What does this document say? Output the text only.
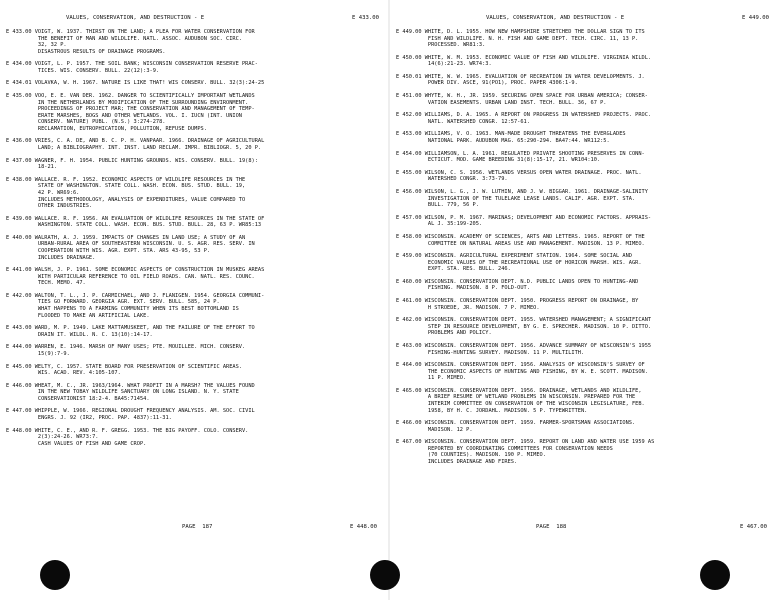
VALUES, CONSERVATION, AND DESTRUCTION - E

	E 433.00

E 433.00 VOIGT, W. 1937. THIRST ON THE LAND; A PLEA FOR WATER CONSERVATION FOR
THE BENEFIT OF MAN AND WILDLIFE. NATL. ASSOC. AUDUBON SOC. CIRC.
32, 32 P.
DISASTROUS RESULTS OF DRAINAGE PROGRAMS.
E 434.00 VOIGT, L. P. 1957. THE SOIL BANK; WISCONSIN CONSERVATION RESERVE PRAC-
TICES. WIS. CONSERV. BULL. 22(12):3-9.
E 434.01 VOLAVKA, W. H. 1967. NATURE IS LIKE THAT! WIS CONSERV. BULL. 32(3):24-25
E 435.00 VOO, E. E. VAN DER. 1962. DANGER TO SCIENTIFICALLY IMPORTANT WETLANDS
IN THE NETHERLANDS BY MODIFICATION OF THE SURROUNDING ENVIRONMENT.
PROCEEDINGS OF PROJECT MAR; THE CONSERVATION AND MANAGEMENT OF TEMP-
ERATE MARSHES, BOGS AND OTHER WETLANDS. VOL. I. IUCN (INT. UNION
CONSERV. NATURE) PUBL. (N.S.) 3:274-278.
RECLAMATION, EUTROPHICATION, POLLUTION, REFUSE DUMPS.
E 436.00 VRIES, C. A. DE, AND B. C. P. H. VANPAAR. 1966. DRAINAGE OF AGRICULTURAL
LAND; A BIBLIOGRAPHY. INT. INST. LAND RECLAM. IMPR. BIBLIOGR. 5, 20 P.
E 437.00 WAGNER, F. H. 1954. PUBLIC HUNTING GROUNDS. WIS. CONSERV. BULL. 19(8):
18-21.
E 438.00 WALLACE. R. F. 1952. ECONOMIC ASPECTS OF WILDLIFE RESOURCES IN THE
STATE OF WASHINGTON. STATE COLL. WASH. ECON. BUS. STUD. BULL. 19,
42 P. WR69:6.
INCLUDES METHODOLOGY, ANALYSIS OF EXPENDITURES, VALUE COMPARED TO
OTHER INDUSTRIES.
E 439.00 WALLACE. R. F. 1956. AN EVALUATION OF WILDLIFE RESOURCES IN THE STATE OF
WASHINGTON. STATE COLL. WASH. ECON. BUS. STUD. BULL. 28, 63 P. WR85:13
E 440.00 WALRATH, A. J. 1959. IMPACTS OF CHANGES IN LAND USE; A STUDY OF AN
URBAN-RURAL AREA OF SOUTHEASTERN WISCONSIN. U. S. AGR. RES. SERV. IN
COOPERATION WITH WIS. AGR. EXPT. STA. ARS 43-95, 53 P.
INCLUDES DRAINAGE.
E 441.00 WALSH, J. P. 1961. SOME ECONOMIC ASPECTS OF CONSTRUCTION IN MUSKEG AREAS
WITH PARTICULAR REFERENCE TO OIL FIELD ROADS. CAN. NATL. RES. COUNC.
TECH. MEMO. 47.
E 442.00 WALTON, T. L., J. P. CARMICHAEL, AND J. FLANIGEN. 1954. GEORGIA COMMUNI-
TIES GO FORWARD. GEORGIA AGR. EXT. SERV. BULL. 585, 24 P.
WHAT HAPPENS TO A FARMING COMMUNITY WHEN ITS BEST BOTTOMLAND IS
FLOODED TO MAKE AN ARTIFICIAL LAKE.
E 443.00 WARD, M. P. 1949. LAKE MATTAMUSKEET, AND THE FAILURE OF THE EFFORT TO
DRAIN IT. WILDL. N. C. 13(10):14-17.
E 444.00 WARREN, E. 1946. MARSH OF MANY USES; PTE. MOUILLEE. MICH. CONSERV.
15(9):7-9.
E 445.00 WELTY, C. 1957. STATE BOARD FOR PRESERVATION OF SCIENTIFIC AREAS.
WIS. ACAD. REV. 4:105-107.
E 446.00 WHEAT, M. C., JR. 1963/1964. WHAT PROFIT IN A MARSH? THE VALUES FOUND
IN THE NEW TOBAY WILDLIFE SANCTUARY ON LONG ISLAND. N. Y. STATE
CONSERVATIONIST 18:2-4. BA45:71454.
E 447.00 WHIPPLE, W. 1966. REGIONAL DROUGHT FREQUENCY ANALYSIS. AM. SOC. CIVIL
ENGRS. J. 92 (IR2, PROC. PAP. 4837):11-31.
E 448.00 WHITE, C. E., AND R. F. GREGG. 1953. THE BIG PAYOFF. COLO. CONSERV.
2(3):24-26. WR73:7.
CASH VALUES OF FISH AND GAME CROP.

PAGE  187

	E 448.00

VALUES, CONSERVATION, AND DESTRUCTION - E

	E 449.00

E 449.00 WHITE, D. L. 1955. HOW NEW HAMPSHIRE STRETCHED THE DOLLAR SIGN TO ITS
FISH AND WILDLIFE. N. H. FISH AND GAME DEPT. TECH. CIRC. 11, 13 P.
PROCESSED. WR81:3.
E 450.00 WHITE, W. M. 1953. ECONOMIC VALUE OF FISH AND WILDLIFE. VIRGINIA WILDL.
14(6):21-23. WR74:3.
E 450.01 WHITE, W. W. 1965. EVALUATION OF RECREATION IN WATER DEVELOPMENTS. J.
POWER DIV. ASCE, 91(PO1), PROC. PAPER 4306:1-9.
E 451.00 WHYTE, W. H., JR. 1959. SECURING OPEN SPACE FOR URBAN AMERICA; CONSER-
VATION EASEMENTS. URBAN LAND INST. TECH. BULL. 36, 67 P.
E 452.00 WILLIAMS, D. A. 1965. A REPORT ON PROGRESS IN WATERSHED PROJECTS. PROC.
NATL. WATERSHED CONGR. 12:57-61.
E 453.00 WILLIAMS, V. O. 1963. MAN-MADE DROUGHT THREATENS THE EVERGLADES
NATIONAL PARK. AUDUBON MAG. 65:290-294. BA47:44. WR112:5.
E 454.00 WILLIAMSON, L. A. 1961. REGULATED PRIVATE SHOOTING PRESERVES IN CONN-
ECTICUT. MOD. GAME BREEDING 31(8):15-17, 21. WR104:10.
E 455.00 WILSON, C. S. 1956. WETLANDS VERSUS OPEN WATER DRAINAGE. PROC. NATL.
WATERSHED CONGR. 3:73-79.
E 456.00 WILSON, L. G., J. W. LUTHIN, AND J. W. BIGGAR. 1961. DRAINAGE-SALINITY
INVESTIGATION OF THE TULELAKE LEASE LANDS. CALIF. AGR. EXPT. STA.
BULL. 779, 56 P.
E 457.00 WILSON, P. M. 1967. MARINAS; DEVELOPMENT AND ECONOMIC FACTORS. APPRAIS-
AL J. 35:199-205.
E 458.00 WISCONSIN. ACADEMY OF SCIENCES, ARTS AND LETTERS. 1965. REPORT OF THE
COMMITTEE ON NATURAL AREAS USE AND MANAGEMENT. MADISON. 13 P. MIMEO.
E 459.00 WISCONSIN. AGRICULTURAL EXPERIMENT STATION. 1964. SOME SOCIAL AND
ECONOMIC VALUES OF THE RECREATIONAL USE OF HORICON MARSH. WIS. AGR.
EXPT. STA. RES. BULL. 246.
E 460.00 WISCONSIN. CONSERVATION DEPT. N.D. PUBLIC LANDS OPEN TO HUNTING-AND
FISHING. MADISON. 8 P. FOLD-OUT.
E 461.00 WISCONSIN. CONSERVATION DEPT. 1950. PROGRESS REPORT ON DRAINAGE, BY
H STROEDE, JR. MADISON. 7 P. MIMEO.
E 462.00 WISCONSIN. CONSERVATION DEPT. 1955. WATERSHED MANAGEMENT; A SIGNIFICANT
STEP IN RESOURCE DEVELOPMENT, BY G. E. SPRECHER. MADISON. 10 P. DITTO.
PROBLEMS AND POLICY.
E 463.00 WISCONSIN. CONSERVATION DEPT. 1956. ADVANCE SUMMARY OF WISCONSIN'S 1955
FISHING-HUNTING SURVEY. MADISON. 11 P. MULTILITH.
E 464.00 WISCONSIN. CONSERVATION DEPT. 1956. ANALYSIS OF WISCONSIN'S SURVEY OF
THE ECONOMIC ASPECTS OF HUNTING AND FISHING, BY W. E. SCOTT. MADISON.
11 P. MIMEO.
E 465.00 WISCONSIN. CONSERVATION DEPT. 1956. DRAINAGE, WETLANDS AND WILDLIFE,
A BRIEF RESUME OF WETLAND PROBLEMS IN WISCONSIN. PREPARED FOR THE
INTERIM COMMITTEE ON CONSERVATION OF THE WISCONSIN LEGISLATURE, FEB.
1958, BY H. C. JORDAHL. MADISON. 5 P. TYPEWRITTEN.
E 466.00 WISCONSIN. CONSERVATION DEPT. 1959. FARMER-SPORTSMAN ASSOCIATIONS.
MADISON. 12 P.
E 467.00 WISCONSIN. CONSERVATION DEPT. 1959. REPORT ON LAND AND WATER USE 1959 AS
REPORTED BY COORDINATING COMMITTEES FOR CONSERVATION NEEDS
(70 COUNTIES). MADISON. 190 P. MIMEO.
INCLUDES DRAINAGE AND FIRES.

PAGE  188

	E 467.00
